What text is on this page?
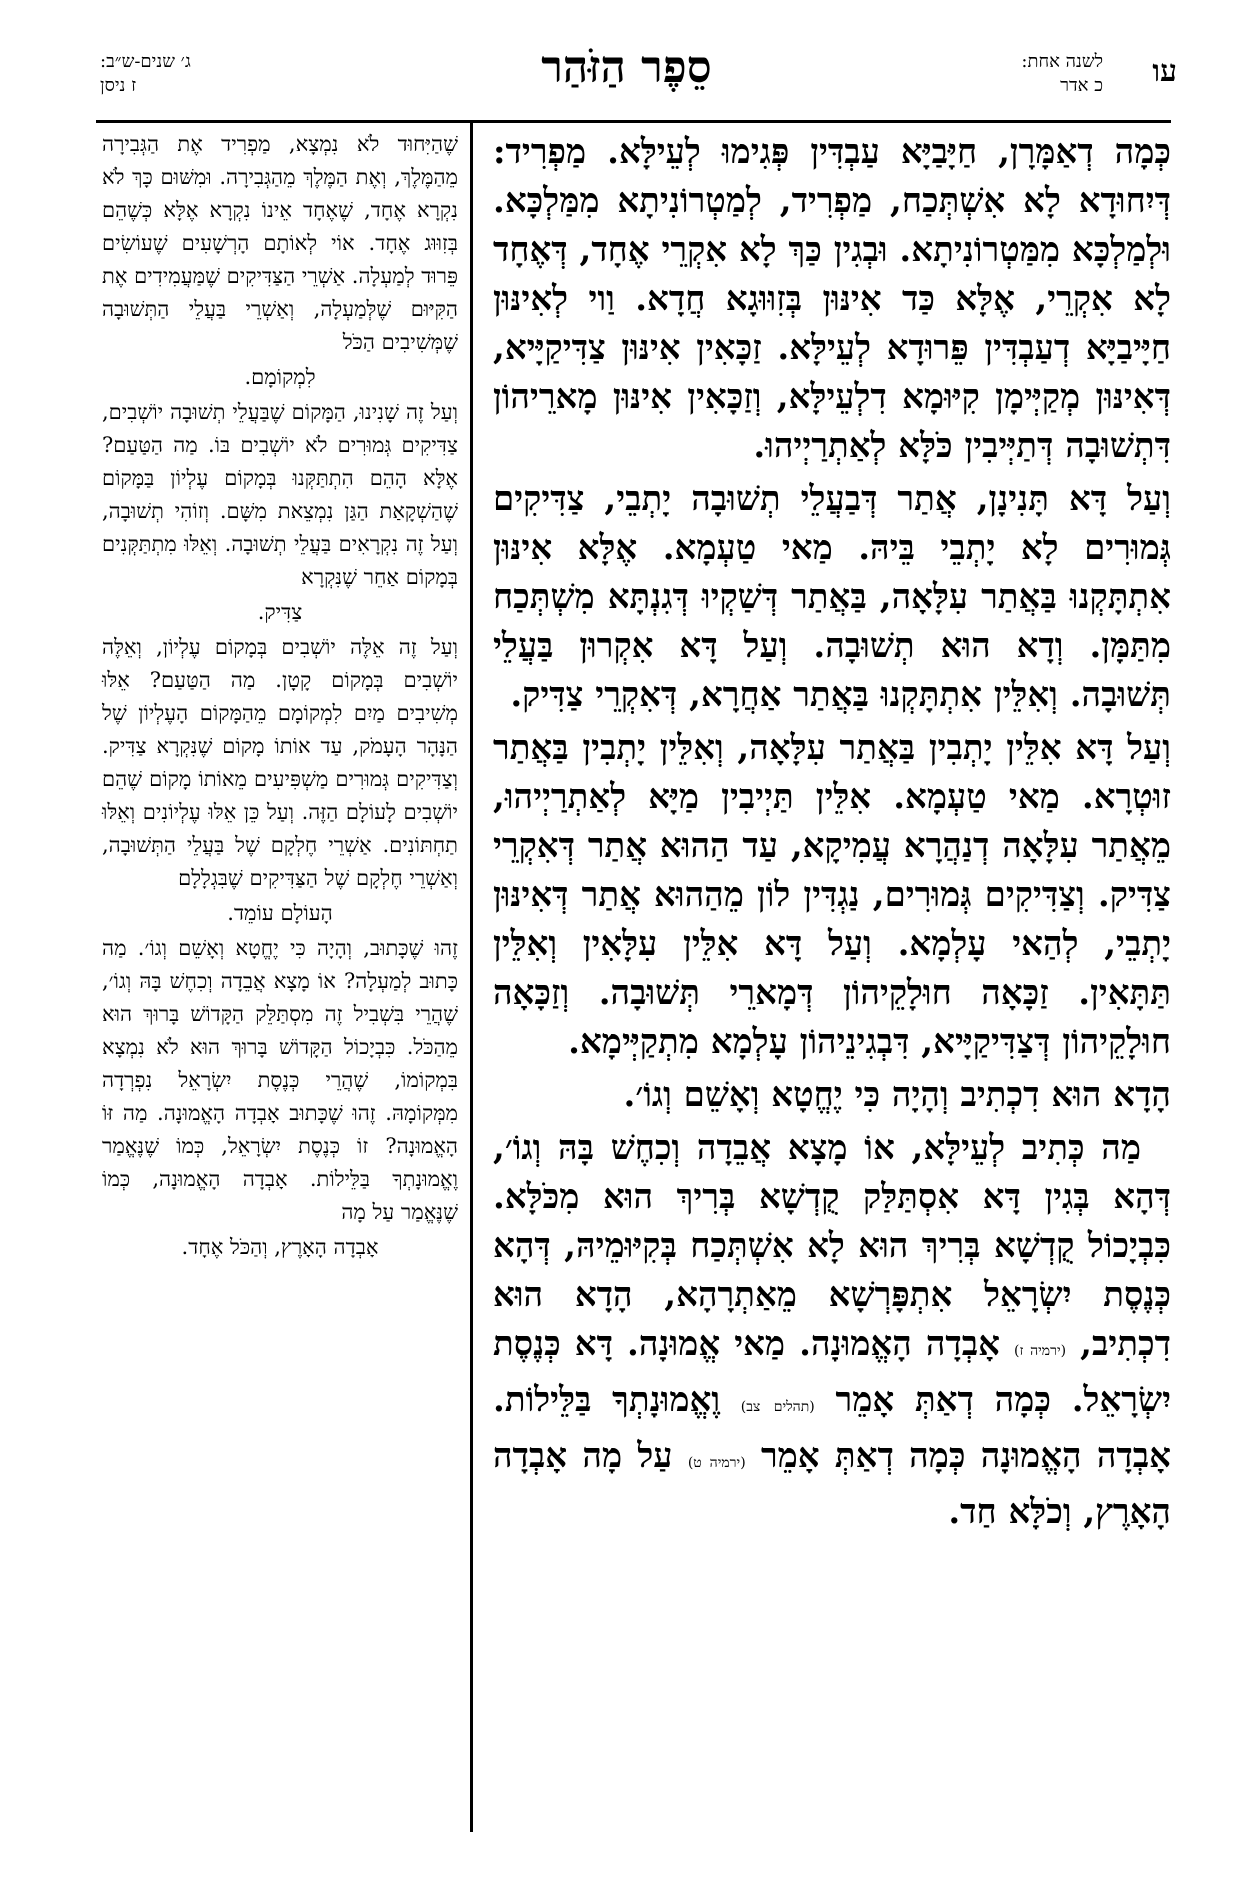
עו
לשנה אחת:
כ אדר
סֵפֶר הַזֹּהַר
ג׳ שנים-ש״ב:
ז ניסן

כְּמָה דְאַמָּרָן, חַיָּבַיָּא עַבְדִּין פְּגִימוּ לְעֵילָּא. מַפְרִיד: דְּיִחוּדָא לָא אִשְׁתְּכַח, מַפְרִיד, לְמַטְרוֹנִיתָא מִמַּלְכָּא. וּלְמַלְכָּא מִמַּטְרוֹנִיתָא. וּבְגִין כַּךְ לָא אִקְרֵי אֶחָד, דְּאֶחָד לָא אִקְרֵי, אֶלָּא כַּד אִינּוּן בְּזִוּוּגָא חֲדָא. וַוי לְאִינּוּן חַיָּיבַיָּא דְעַבְדִּין פֵּרוּדָא לְעֵילָּא. זַכָּאִין אִינּוּן צַדִּיקַיָּיא, דְּאִינּוּן מְקַיְּימָן קִיּוּמָא דִלְעֵילָּא, וְזַכָּאִין אִינּוּן מָארֵיהוֹן דִּתְשׁוּבָה דְּתַיְּיבִין כֹּלָּא לְאַתְרַיְיהוּ.

וְעַל דָּא תָּנִינָן, אֲתַר דְּבַעֲלֵי תְשׁוּבָה יָתְבֵי, צַדִּיקִים גְּמוּרִים לָא יָתְבֵי בֵּיהּ. מַאי טַעְמָא. אֶלָּא אִינּוּן אִתְתָּקְנוּ בַּאֲתַר עִלָּאָה, בַּאֲתַר דְּשַׁקְיוּ דְּגִנְתָּא מִשְׁתְּכַח מִתַּמָּן. וְדָא הוּא תְשׁוּבָה. וְעַל דָּא אִקְרוּן בַּעֲלֵי תְּשׁוּבָה. וְאִלֵּין אִתְתָּקְנוּ בַּאֲתַר אַחֲרָא, דְּאִקְרֵי צַדִּיק.

וְעַל דָּא אִלֵּין יָתְבִין בַּאֲתַר עִלָּאָה, וְאִלֵּין יָתְבִין בַּאֲתַר זוּטְרָא. מַאי טַעְמָא. אִלֵּין תַּיְיבִין מַיָּא לְאַתְרַיְיהוּ, מֵאֲתַר עִלָּאָה דְנַהֲרָא עֲמִיקָא, עַד הַהוּא אֲתַר דְּאִקְרֵי צַדִּיק. וְצַדִּיקִים גְּמוּרִים, נַגְדִּין לוֹן מֵהַהוּא אֲתַר דְּאִינּוּן יָתְבֵי, לְהַאי עָלְמָא. וְעַל דָּא אִלֵּין עִלָּאִין וְאִלֵּין תַּתָּאִין. זַכָּאָה חוּלָקֵיהוֹן דְּמָארֵי תְּשׁוּבָה. וְזַכָּאָה חוּלָקֵיהוֹן דְּצַדִּיקַיָּיא, דִּבְגִינֵיהוֹן עָלְמָא מִתְקַיְּימָא.

הָדָא הוּא דִכְתִיב וְהָיָה כִּי יֶחֱטָא וְאָשֵׁם וְגוֹ׳.

מַה כְּתִיב לְעֵילָּא, אוֹ מָצָא אֲבֵדָה וְכִחֶשׁ בָּהּ וְגוֹ׳, דְּהָא בְּגִין דָּא אִסְתַּלַּק קֻדְשָׁא בְּרִיךְ הוּא מִכֹּלָּא. כִּבְיָכוֹל קֻדְשָׁא בְּרִיךְ הוּא לָא אִשְׁתְּכַח בְּקִיּוּמֵיהּ, דְּהָא כְּנֶסֶת יִשְׂרָאֵל אִתְפָּרְשָׁא מֵאַתְרָהָא, הָדָא הוּא דִכְתִיב, (ירמיה ז) אָבְדָה הָאֱמוּנָה. מַאי אֱמוּנָה. דָּא כְּנֶסֶת יִשְׂרָאֵל. כְּמָה דְאַתְּ אָמֵר (תהלים צב) וֶאֱמוּנָתְךָ בַּלֵּילוֹת. אָבְדָה הָאֱמוּנָה כְּמָה דְאַתְּ אָמֵר (ירמיה ט) עַל מָה אָבְדָה הָאָרֶץ, וְכֹלָּא חַד.

שֶׁהַיִּחוּד לֹא נִמְצָא, מַפְרִיד אֶת הַגְּבִירָה מֵהַמֶּלֶךְ, וְאֶת הַמֶּלֶךְ מֵהַגְּבִירָה. וּמִשּׁוּם כָּךְ לֹא נִקְרָא אֶחָד, שֶׁאֶחָד אֵינוֹ נִקְרָא אֶלָּא כְּשֶׁהֵם בְּזִוּוּג אֶחָד. אוֹי לְאוֹתָם הָרְשָׁעִים שֶׁעוֹשִׂים פֵּרוּד לְמַעְלָה. אַשְׁרֵי הַצַּדִּיקִים שֶׁמַּעֲמִידִים אֶת הַקִּיּוּם שֶׁלְּמַעְלָה, וְאַשְׁרֵי בַּעֲלֵי הַתְּשׁוּבָה שֶׁמְּשִׁיבִים הַכֹּל

לִמְקוֹמָם.

וְעַל זֶה שָׁנִינוּ, הַמָּקוֹם שֶׁבַּעֲלֵי תְשׁוּבָה יוֹשְׁבִים, צַדִּיקִים גְּמוּרִים לֹא יוֹשְׁבִים בּוֹ. מַה הַטַּעַם? אֶלָּא הָהֵם הִתְתַּקְּנוּ בְּמָקוֹם עֶלְיוֹן בַּמָּקוֹם שֶׁהַשְׁקָאַת הַגַּן נִמְצֵאת מִשָּׁם. וְזוֹהִי תְשׁוּבָה, וְעַל זֶה נִקְרָאִים בַּעֲלֵי תְשׁוּבָה. וְאֵלּוּ מִתְתַּקְּנִים בְּמָקוֹם אַחֵר שֶׁנִּקְרָא

צַדִּיק.

וְעַל זֶה אֵלֶּה יוֹשְׁבִים בְּמָקוֹם עֶלְיוֹן, וְאֵלֶּה יוֹשְׁבִים בְּמָקוֹם קָטָן. מַה הַטַּעַם? אֵלּוּ מְשִׁיבִים מַיִם לִמְקוֹמָם מֵהַמָּקוֹם הָעֶלְיוֹן שֶׁל הַנָּהָר הָעָמֹק, עַד אוֹתוֹ מָקוֹם שֶׁנִּקְרָא צַדִּיק. וְצַדִּיקִים גְּמוּרִים מַשְׁפִּיעִים מֵאוֹתוֹ מָקוֹם שֶׁהֵם יוֹשְׁבִים לָעוֹלָם הַזֶּה. וְעַל כֵּן אֵלּוּ עֶלְיוֹנִים וְאֵלּוּ תַחְתּוֹנִים. אַשְׁרֵי חֶלְקָם שֶׁל בַּעֲלֵי הַתְּשׁוּבָה, וְאַשְׁרֵי חֶלְקָם שֶׁל הַצַּדִּיקִים שֶׁבִּגְלָלָם

הָעוֹלָם עוֹמֵד.

זֶהוּ שֶׁכָּתוּב, וְהָיָה כִּי יֶחֱטָא וְאָשֵׁם וְגוֹ׳. מַה כָּתוּב לְמַעְלָה? אוֹ מָצָא אֲבֵדָה וְכִחֶשׁ בָּהּ וְגוֹ׳, שֶׁהֲרֵי בִּשְׁבִיל זֶה מִסְתַּלֵּק הַקָּדוֹשׁ בָּרוּךְ הוּא מֵהַכֹּל. כִּבְיָכוֹל הַקָּדוֹשׁ בָּרוּךְ הוּא לֹא נִמְצָא בִּמְקוֹמוֹ, שֶׁהֲרֵי כְּנֶסֶת יִשְׂרָאֵל נִפְרְדָה מִמְּקוֹמָהּ. זֶהוּ שֶׁכָּתוּב אָבְדָה הָאֱמוּנָה. מַה זּוֹ הָאֱמוּנָה? זוֹ כְּנֶסֶת יִשְׂרָאֵל, כְּמוֹ שֶׁנֶּאֱמַר וֶאֱמוּנָתְךָ בַּלֵּילוֹת. אָבְדָה הָאֱמוּנָה, כְּמוֹ שֶׁנֶּאֱמַר עַל מָה

אָבְדָה הָאָרֶץ, וְהַכֹּל אֶחָד.
